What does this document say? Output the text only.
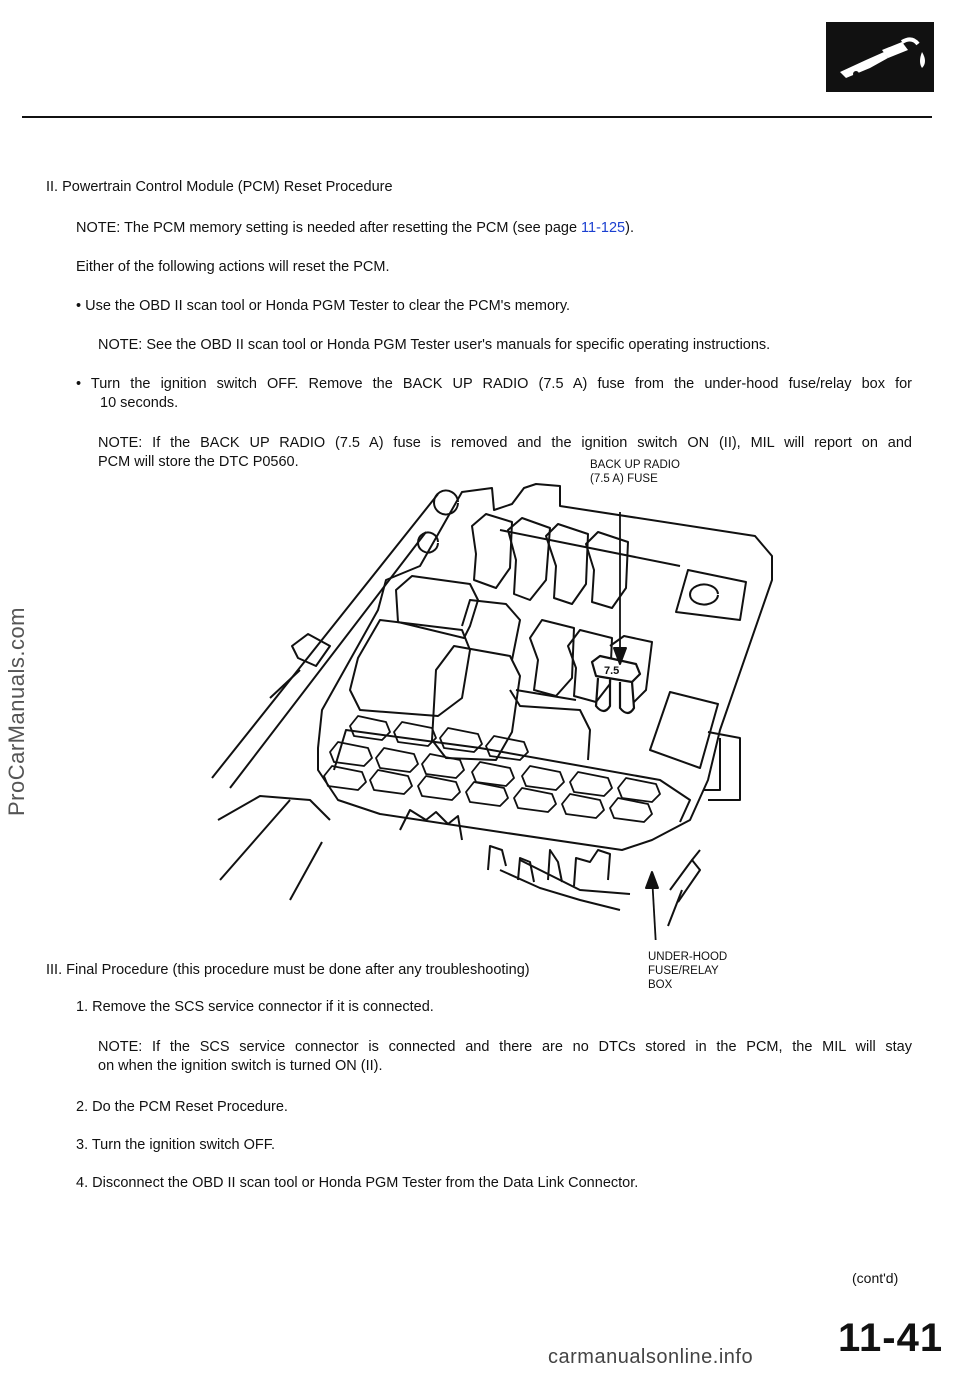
ProCarManuals.com
II. Powertrain Control Module (PCM) Reset Procedure
NOTE: The PCM memory setting is needed after resetting the PCM (see page 11-125).
Either of the following actions will reset the PCM.
• Use the OBD II scan tool or Honda PGM Tester to clear the PCM's memory.
NOTE: See the OBD II scan tool or Honda PGM Tester user's manuals for specific operating instructions.
• Turn the ignition switch OFF. Remove the BACK UP RADIO (7.5 A) fuse from the under-hood fuse/relay box for
10 seconds.
NOTE: If the BACK UP RADIO (7.5 A) fuse is removed and the ignition switch ON (II), MIL will report on and
PCM will store the DTC P0560.	BACK UP RADIO
(7.5 A) FUSE
UNDER-HOOD
FUSE/RELAY
BOX
7.5
III. Final Procedure (this procedure must be done after any troubleshooting)
1. Remove the SCS service connector if it is connected.
NOTE: If the SCS service connector is connected and there are no DTCs stored in the PCM, the MIL will stay
on when the ignition switch is turned ON (II).
2. Do the PCM Reset Procedure.
3. Turn the ignition switch OFF.
4. Disconnect the OBD II scan tool or Honda PGM Tester from the Data Link Connector.
(cont'd)
11-41
carmanualsonline.info
